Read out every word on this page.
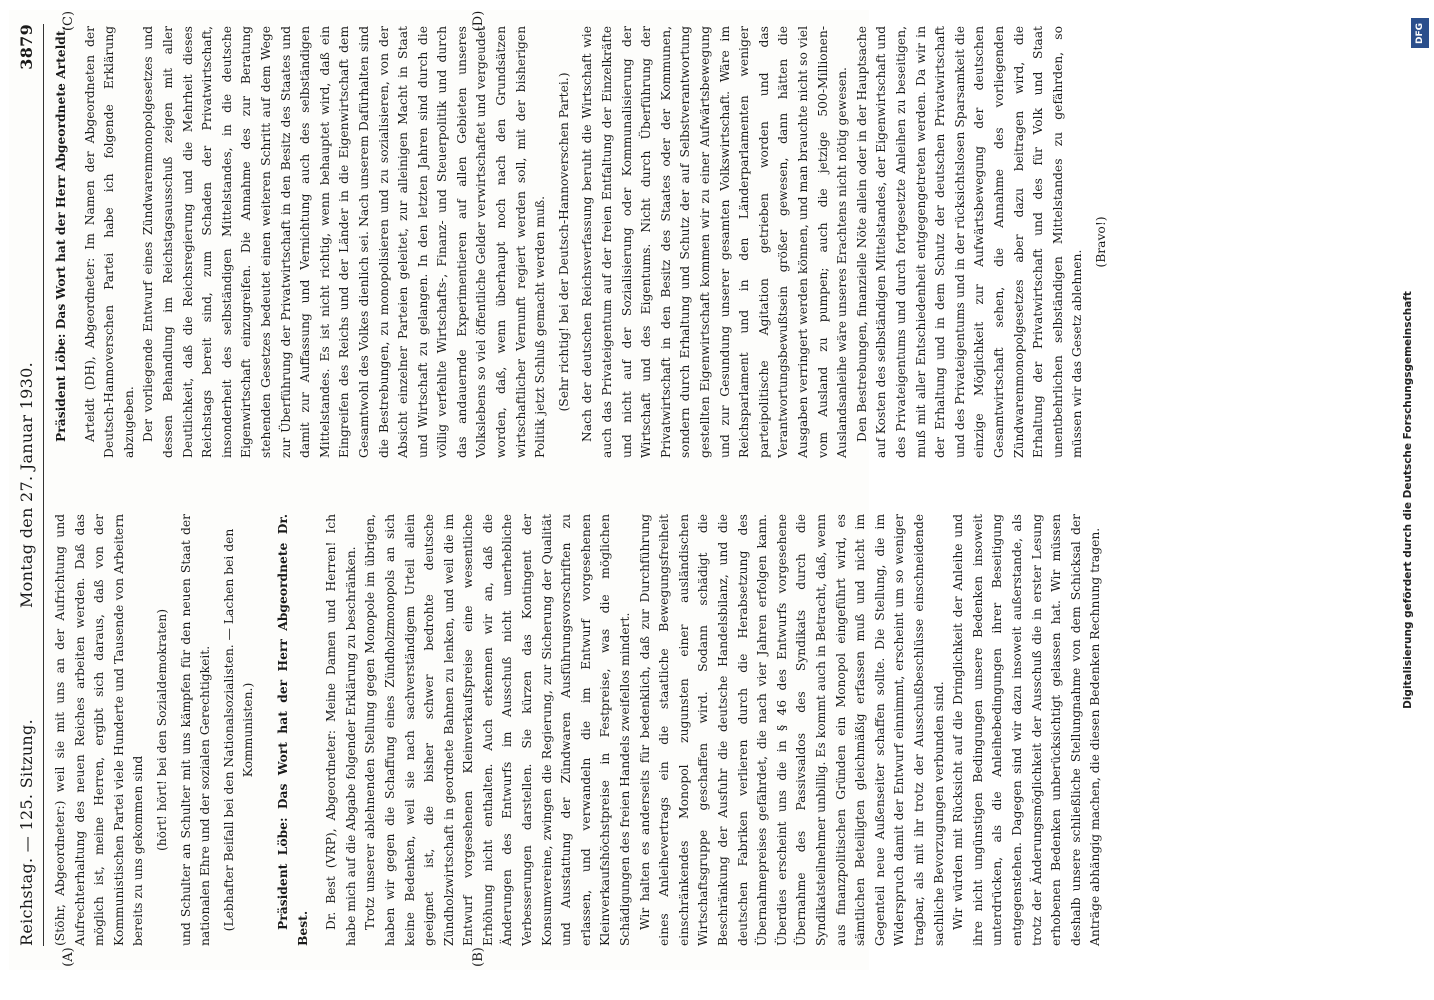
Reichstag. — 125. Sitzung.
Montag den 27. Januar 1930.
3879
(A)	(B)
(C)	(D)

(Stöhr, Abgeordneter:) weil sie mit uns an der Aufrichtung und Aufrechterhaltung des neuen Reiches arbeiten werden. Daß das möglich ist, meine Herren, ergibt sich daraus, daß von der Kommunistischen Partei viele Hunderte und Tausende von Arbeitern bereits zu uns gekommen sind (hört! hört! bei den Sozialdemokraten) und Schulter an Schulter mit uns kämpfen für den neuen Staat der nationalen Ehre und der sozialen Gerechtigkeit. (Lebhafter Beifall bei den Nationalsozialisten. — Lachen bei den Kommunisten.) Präsident Löbe: Das Wort hat der Herr Abgeordnete Dr. Best. Dr. Best (VRP), Abgeordneter: Meine Damen und Herren! Ich habe mich auf die Abgabe folgender Erklärung zu beschränken. Trotz unserer ablehnenden Stellung gegen Monopole im übrigen, haben wir gegen die Schaffung eines Zündholzmonopols an sich keine Bedenken, weil sie nach sachverständigem Urteil allein geeignet ist, die bisher schwer bedrohte deutsche Zündholzwirtschaft in geordnete Bahnen zu lenken, und weil die im Entwurf vorgesehenen Kleinverkaufspreise eine wesentliche Erhöhung nicht enthalten. Auch erkennen wir an, daß die Änderungen des Entwurfs im Ausschuß nicht unerhebliche Verbesserungen darstellen. Sie kürzen das Kontingent der Konsumvereine, zwingen die Regierung, zur Sicherung der Qualität und Ausstattung der Zündwaren Ausführungsvorschriften zu erlassen, und verwandeln die im Entwurf vorgesehenen Kleinverkaufshöchstpreise in Festpreise, was die möglichen Schädigungen des freien Handels zweifellos mindert. Wir halten es anderseits für bedenklich, daß zur Durchführung eines Anleihevertrags ein die staatliche Bewegungsfreiheit einschränkendes Monopol zugunsten einer ausländischen Wirtschaftsgruppe geschaffen wird. Sodann schädigt die Beschränkung der Ausfuhr die deutsche Handelsbilanz, und die deutschen Fabriken verlieren durch die Herabsetzung des Übernahmepreises gefährdet, die nach vier Jahren erfolgen kann. Überdies erscheint uns die in § 46 des Entwurfs vorgesehene Übernahme des Passivsaldos des Syndikats durch die Syndikatsteilnehmer unbillig. Es kommt auch in Betracht, daß, wenn aus finanzpolitischen Gründen ein Monopol eingeführt wird, es sämtlichen Beteiligten gleichmäßig erfassen muß und nicht im Gegenteil neue Außenseiter schaffen sollte. Die Stellung, die im Widerspruch damit der Entwurf einnimmt, erscheint um so weniger tragbar, als mit ihr trotz der Ausschußbeschlüsse einschneidende sachliche Bevorzugungen verbunden sind. Wir würden mit Rücksicht auf die Dringlichkeit der Anleihe und ihre nicht ungünstigen Bedingungen unsere Bedenken insoweit unterdrücken, als die Anleihebedingungen ihrer Beseitigung entgegenstehen. Dagegen sind wir dazu insoweit außerstande, als trotz der Änderungsmöglichkeit der Ausschuß die in erster Lesung erhobenen Bedenken unberücksichtigt gelassen hat. Wir müssen deshalb unsere schließliche Stellungnahme von dem Schicksal der Anträge abhängig machen, die diesen Bedenken Rechnung tragen.

Präsident Löbe: Das Wort hat der Herr Abgeordnete Arteldt. Arteldt (DH), Abgeordneter: Im Namen der Abgeordneten der Deutsch-Hannoverschen Partei habe ich folgende Erklärung abzugeben. Der vorliegende Entwurf eines Zündwarenmonopolgesetzes und dessen Behandlung im Reichstagsausschuß zeigen mit aller Deutlichkeit, daß die Reichsregierung und die Mehrheit dieses Reichstags bereit sind, zum Schaden der Privatwirtschaft, insonderheit des selbständigen Mittelstandes, in die deutsche Eigenwirtschaft einzugreifen. Die Annahme des zur Beratung stehenden Gesetzes bedeutet einen weiteren Schritt auf dem Wege zur Überführung der Privatwirtschaft in den Besitz des Staates und damit zur Auffassung und Vernichtung auch des selbständigen Mittelstandes. Es ist nicht richtig, wenn behauptet wird, daß ein Eingreifen des Reichs und der Länder in die Eigenwirtschaft dem Gesamtwohl des Volkes dienlich sei. Nach unserem Dafürhalten sind die Bestrebungen, zu monopolisieren und zu sozialisieren, von der Absicht einzelner Parteien geleitet, zur alleinigen Macht in Staat und Wirtschaft zu gelangen. In den letzten Jahren sind durch die völlig verfehlte Wirtschafts-, Finanz- und Steuerpolitik und durch das andauernde Experimentieren auf allen Gebieten unseres Volkslebens so viel öffentliche Gelder verwirtschaftet und vergeudet worden, daß, wenn überhaupt noch nach den Grundsätzen wirtschaftlicher Vernunft regiert werden soll, mit der bisherigen Politik jetzt Schluß gemacht werden muß. (Sehr richtig! bei der Deutsch-Hannoverschen Partei.) Nach der deutschen Reichsverfassung beruht die Wirtschaft wie auch das Privateigentum auf der freien Entfaltung der Einzelkräfte und nicht auf der Sozialisierung oder Kommunalisierung der Wirtschaft und des Eigentums. Nicht durch Überführung der Privatwirtschaft in den Besitz des Staates oder der Kommunen, sondern durch Erhaltung und Schutz der auf Selbstverantwortung gestellten Eigenwirtschaft kommen wir zu einer Aufwärtsbewegung und zur Gesundung unserer gesamten Volkswirtschaft. Wäre im Reichsparlament und in den Länderparlamenten weniger parteipolitische Agitation getrieben worden und das Verantwortungsbewußtsein größer gewesen, dann hätten die Ausgaben verringert werden können, und man brauchte nicht so viel vom Ausland zu pumpen; auch die jetzige 500-Millionen-Auslandsanleihe wäre unseres Erachtens nicht nötig gewesen. Den Bestrebungen, finanzielle Nöte allein oder in der Hauptsache auf Kosten des selbständigen Mittelstandes, der Eigenwirtschaft und des Privateigentums und durch fortgesetzte Anleihen zu beseitigen, muß mit aller Entschiedenheit entgegengetreten werden. Da wir in der Erhaltung und in dem Schutz der deutschen Privatwirtschaft und des Privateigentums und in der rücksichtslosen Sparsamkeit die einzige Möglichkeit zur Aufwärtsbewegung der deutschen Gesamtwirtschaft sehen, die Annahme des vorliegenden Zündwarenmonopolgesetzes aber dazu beitragen wird, die Erhaltung der Privatwirtschaft und des für Volk und Staat unentbehrlichen selbständigen Mittelstandes zu gefährden, so müssen wir das Gesetz ablehnen.

(Bravo!)

DFG
Digitalisierung gefördert durch die Deutsche Forschungsgemeinschaft
